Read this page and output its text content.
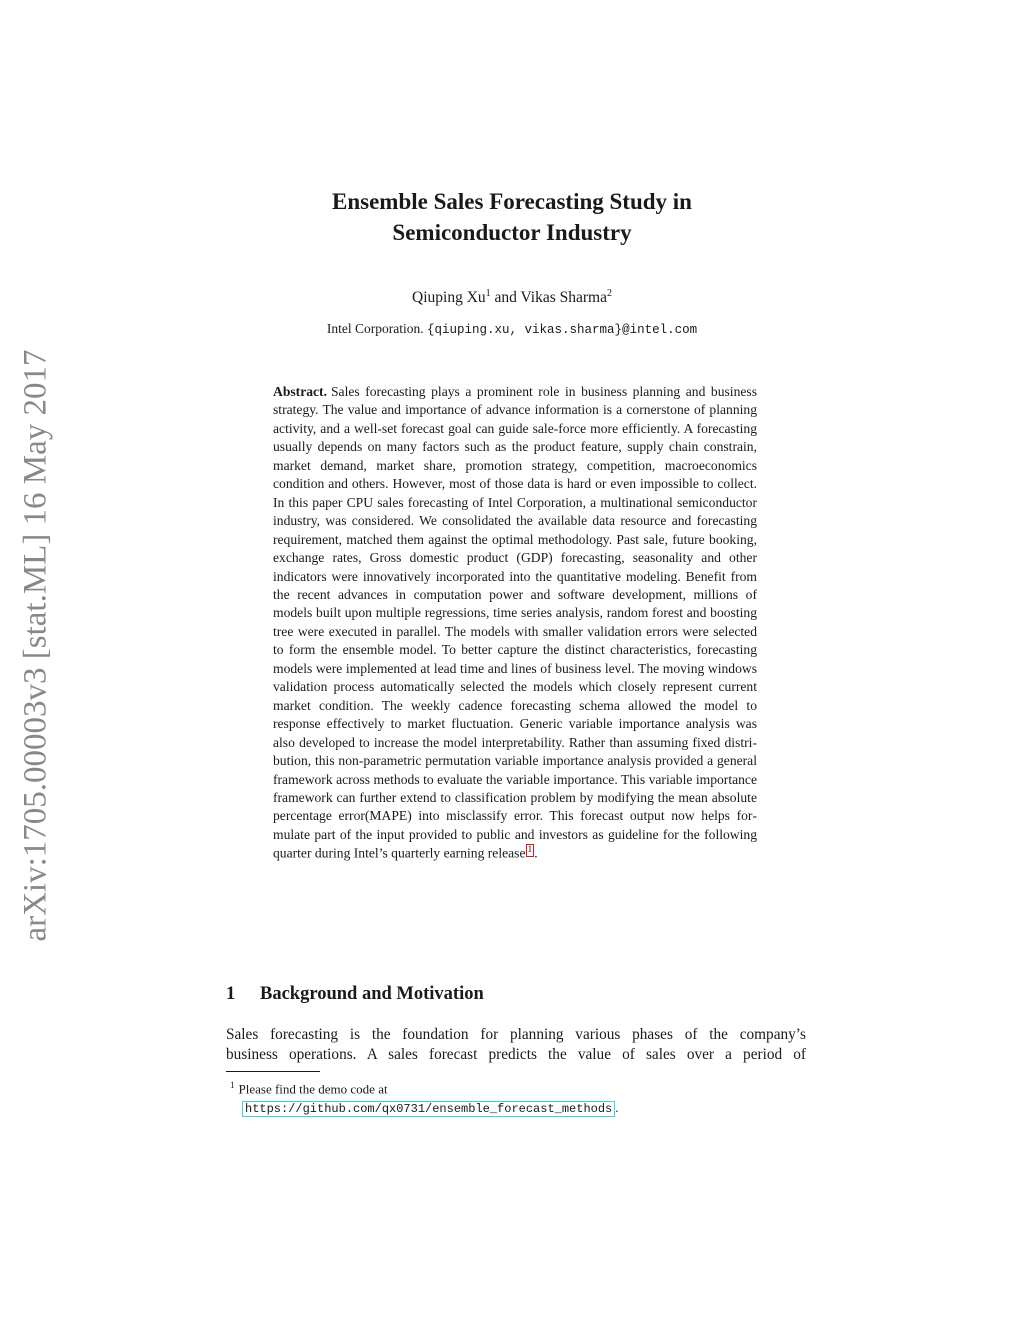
arXiv:1705.00003v3 [stat.ML] 16 May 2017
Ensemble Sales Forecasting Study in
Semiconductor Industry
Qiuping Xu$^1$ and Vikas Sharma$^2$
Intel Corporation. {qiuping.xu, vikas.sharma}@intel.com

Abstract. Sales forecasting plays a prominent role in business planning and business strategy. The value and importance of advance information is a cornerstone of planning activity, and a well-set forecast goal can guide sale-force more efficiently. A forecasting usually depends on many factors such as the product feature, supply chain constrain, market demand, market share, promotion strategy, competition, macroeconomics condition and others. However, most of those data is hard or even impossible to collect. In this paper CPU sales forecasting of Intel Corporation, a multinational semiconductor industry, was considered. We consolidated the available data resource and forecasting requirement, matched them against the optimal methodology. Past sale, future booking, exchange rates, Gross domestic product (GDP) forecasting, seasonality and other indicators were innovatively incorporated into the quantitative modeling. Benefit from the recent advances in computation power and software development, millions of models built upon multiple regressions, time series analysis, random forest and boosting tree were executed in parallel. The models with smaller validation errors were selected to form the ensemble model. To better capture the distinct characteristics, forecasting models were implemented at lead time and lines of business level. The moving windows validation process automatically selected the models which closely represent current market condition. The weekly cadence forecasting schema allowed the model to response effectively to market fluctuation. Generic variable importance analysis was also developed to increase the model interpretability. Rather than assuming fixed distribution, this non-parametric permutation variable importance analysis provided a general framework across methods to evaluate the variable importance. This variable importance framework can further extend to classification problem by modifying the mean absolute percentage error(MAPE) into misclassify error. This forecast output now helps formulate part of the input provided to public and investors as guideline for the following quarter during Intel’s quarterly earning release 1 .

1 Background and Motivation

Sales forecasting is the foundation for planning various phases of the company’s
business operations. A sales forecast predicts the value of sales over a period of

$^1$ Please find the demo code at
https://github.com/qx0731/ensemble_forecast_methods .
